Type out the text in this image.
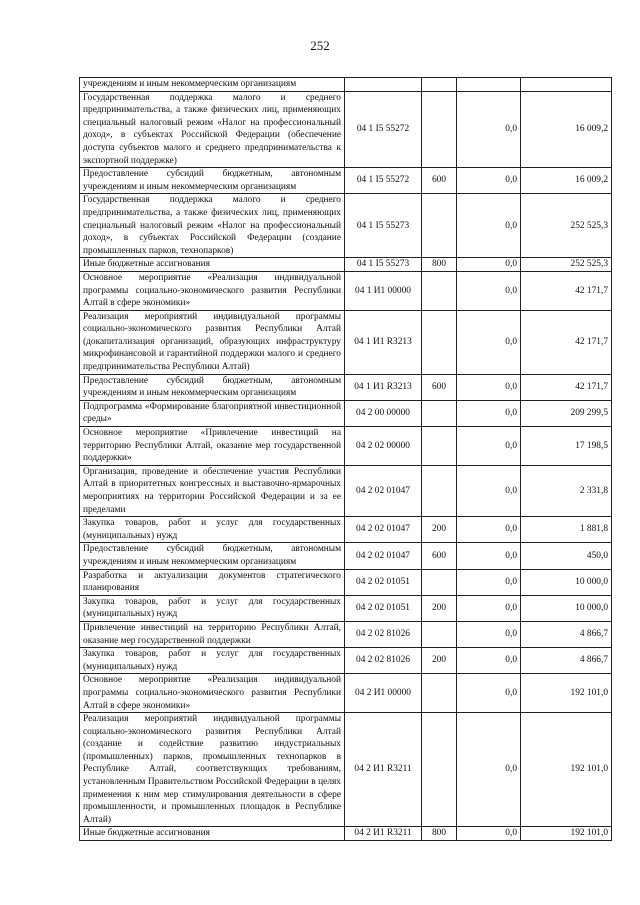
252
учреждениям и иным некоммерческим организациям				
Государственная поддержка малого и среднего предпринимательства, а также физических лиц, применяющих специальный налоговый режим «Налог на профессиональный доход», в субъектах Российской Федерации (обеспечение доступа субъектов малого и среднего предпринимательства к экспортной поддержке)	04 1 I5 55272		0,0	16 009,2
Предоставление субсидий бюджетным, автономным учреждениям и иным некоммерческим организациям	04 1 I5 55272	600	0,0	16 009,2
Государственная поддержка малого и среднего предпринимательства, а также физических лиц, применяющих специальный налоговый режим «Налог на профессиональный доход», в субъектах Российской Федерации (создание промышленных парков, технопарков)	04 1 I5 55273		0,0	252 525,3
Иные бюджетные ассигнования	04 1 I5 55273	800	0,0	252 525,3
Основное мероприятие «Реализация индивидуальной программы социально-экономического развития Республики Алтай в сфере экономики»	04 1 И1 00000		0,0	42 171,7
Реализация мероприятий индивидуальной программы социально-экономического развития Республики Алтай (докапитализация организаций, образующих инфраструктуру микрофинансовой и гарантийной поддержки малого и среднего предпринимательства Республики Алтай)	04 1 И1 R3213		0,0	42 171,7
Предоставление субсидий бюджетным, автономным учреждениям и иным некоммерческим организациям	04 1 И1 R3213	600	0,0	42 171,7
Подпрограмма «Формирование благоприятной инвестиционной среды»	04 2 00 00000		0,0	209 299,5
Основное мероприятие «Привлечение инвестиций на территорию Республики Алтай, оказание мер государственной поддержки»	04 2 02 00000		0,0	17 198,5
Организация, проведение и обеспечение участия Республики Алтай в приоритетных конгрессных и выставочно-ярмарочных мероприятиях на территории Российской Федерации и за ее пределами	04 2 02 01047		0,0	2 331,8
Закупка товаров, работ и услуг для государственных (муниципальных) нужд	04 2 02 01047	200	0,0	1 881,8
Предоставление субсидий бюджетным, автономным учреждениям и иным некоммерческим организациям	04 2 02 01047	600	0,0	450,0
Разработка и актуализация документов стратегического планирования	04 2 02 01051		0,0	10 000,0
Закупка товаров, работ и услуг для государственных (муниципальных) нужд	04 2 02 01051	200	0,0	10 000,0
Привлечение инвестиций на территорию Республики Алтай, оказание мер государственной поддержки	04 2 02 81026		0,0	4 866,7
Закупка товаров, работ и услуг для государственных (муниципальных) нужд	04 2 02 81026	200	0,0	4 866,7
Основное мероприятие «Реализация индивидуальной программы социально-экономического развития Республики Алтай в сфере экономики»	04 2 И1 00000		0,0	192 101,0
Реализация мероприятий индивидуальной программы социально-экономического развития Республики Алтай (создание и содействие развитию индустриальных (промышленных) парков, промышленных технопарков в Республике Алтай, соответствующих требованиям, установленным Правительством Российской Федерации в целях применения к ним мер стимулирования деятельности в сфере промышленности, и промышленных площадок в Республике Алтай)	04 2 И1 R3211		0,0	192 101,0
Иные бюджетные ассигнования	04 2 И1 R3211	800	0,0	192 101,0
